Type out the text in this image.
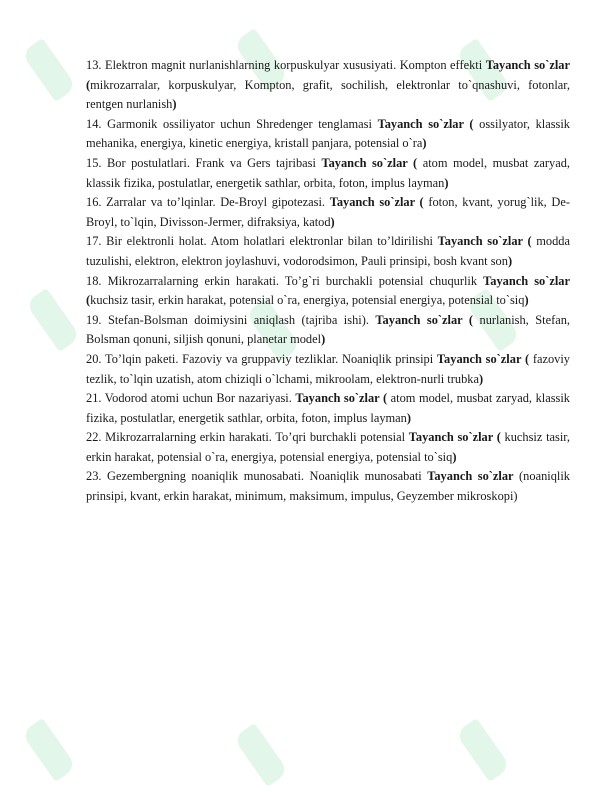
13. Elektron magnit nurlanishlarning korpuskulyar xususiyati. Kompton effekti Tayanch so`zlar (mikrozarralar, korpuskulyar, Kompton, grafit, sochilish, elektronlar to`qnashuvi, fotonlar, rentgen nurlanish)

14. Garmonik ossiliyator uchun Shredenger tenglamasi Tayanch so`zlar ( ossilyator, klassik mehanika, energiya, kinetic energiya, kristall panjara, potensial o`ra)

15. Bor postulatlari. Frank va Gers tajribasi Tayanch so`zlar ( atom model, musbat zaryad, klassik fizika, postulatlar, energetik sathlar, orbita, foton, implus layman)

16. Zarralar va to’lqinlar. De-Broyl gipotezasi. Tayanch so`zlar ( foton, kvant, yorug`lik, De-Broyl, to`lqin, Divisson-Jermer, difraksiya, katod)

17. Bir elektronli holat. Atom holatlari elektronlar bilan to’ldirilishi Tayanch so`zlar ( modda tuzulishi, elektron, elektron joylashuvi, vodorodsimon, Pauli prinsipi, bosh kvant son)

18. Mikrozarralarning erkin harakati. To’g`ri burchakli potensial chuqurlik Tayanch so`zlar (kuchsiz tasir, erkin harakat, potensial o`ra, energiya, potensial energiya, potensial to`siq)

19. Stefan-Bolsman doimiysini aniqlash (tajriba ishi). Tayanch so`zlar ( nurlanish, Stefan, Bolsman qonuni, siljish qonuni, planetar model)

20. To’lqin paketi. Fazoviy va gruppaviy tezliklar. Noaniqlik prinsipi Tayanch so`zlar ( fazoviy tezlik, to`lqin uzatish, atom chiziqli o`lchami, mikroolam, elektron-nurli trubka)

21. Vodorod atomi uchun Bor nazariyasi. Tayanch so`zlar ( atom model, musbat zaryad, klassik fizika, postulatlar, energetik sathlar, orbita, foton, implus layman)

22. Mikrozarralarning erkin harakati. To’qri burchakli potensial Tayanch so`zlar ( kuchsiz tasir, erkin harakat, potensial o`ra, energiya, potensial energiya, potensial to`siq)

23. Gezembergning noaniqlik munosabati. Noaniqlik munosabati Tayanch so`zlar (noaniqlik prinsipi, kvant, erkin harakat, minimum, maksimum, impulus, Geyzember mikroskopi)
